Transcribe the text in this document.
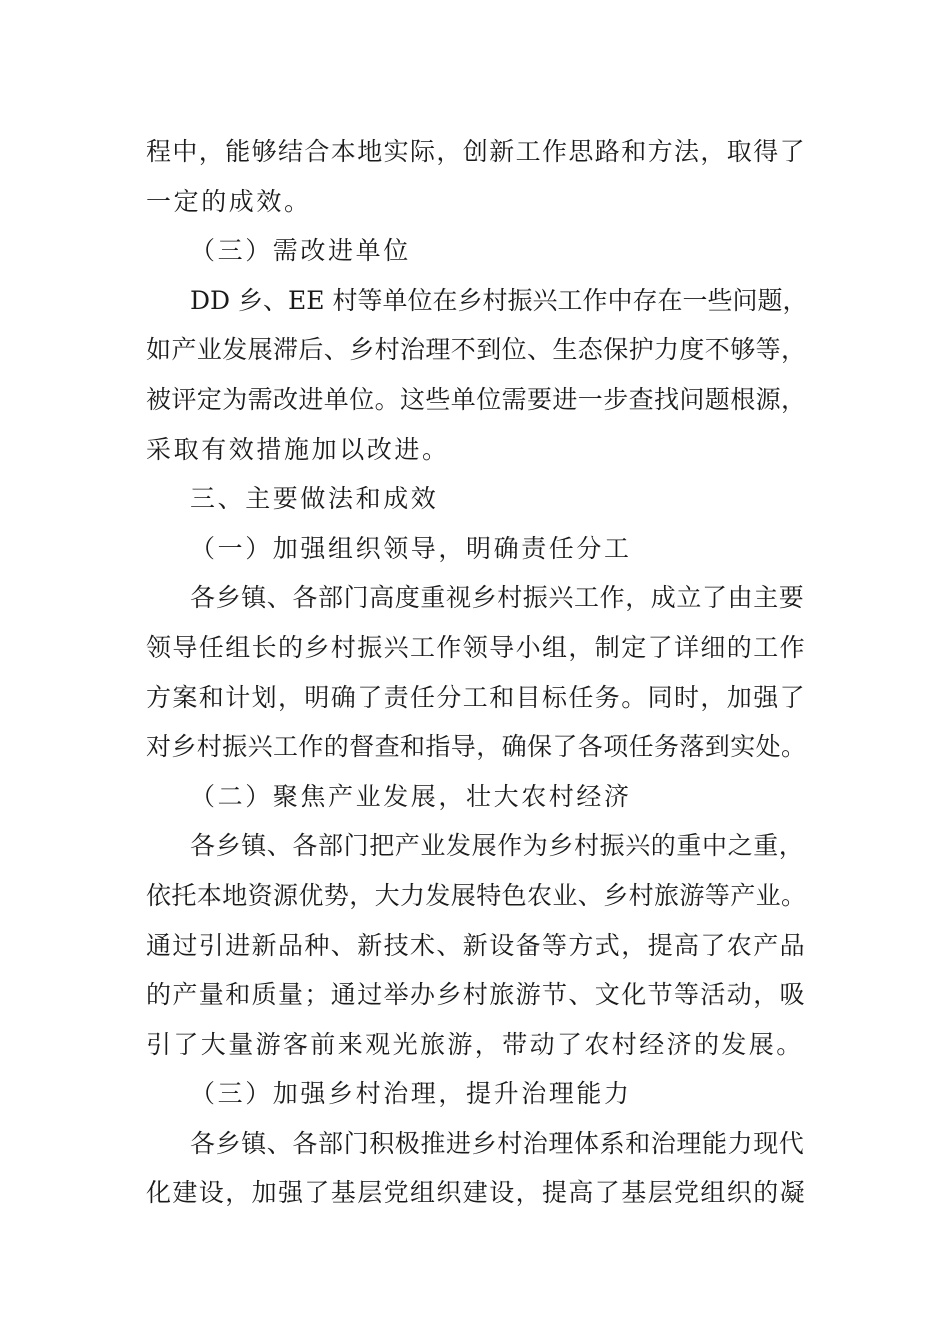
程中，能够结合本地实际，创新工作思路和方法，取得了
一定的成效。
（三）需改进单位
DD 乡、EE 村等单位在乡村振兴工作中存在一些问题，
如产业发展滞后、乡村治理不到位、生态保护力度不够等，
被评定为需改进单位。这些单位需要进一步查找问题根源，
采取有效措施加以改进。
三、主要做法和成效
（一）加强组织领导，明确责任分工
各乡镇、各部门高度重视乡村振兴工作，成立了由主要
领导任组长的乡村振兴工作领导小组，制定了详细的工作
方案和计划，明确了责任分工和目标任务。同时，加强了
对乡村振兴工作的督查和指导，确保了各项任务落到实处。
（二）聚焦产业发展，壮大农村经济
各乡镇、各部门把产业发展作为乡村振兴的重中之重，
依托本地资源优势，大力发展特色农业、乡村旅游等产业。
通过引进新品种、新技术、新设备等方式，提高了农产品
的产量和质量；通过举办乡村旅游节、文化节等活动，吸
引了大量游客前来观光旅游，带动了农村经济的发展。
（三）加强乡村治理，提升治理能力
各乡镇、各部门积极推进乡村治理体系和治理能力现代
化建设，加强了基层党组织建设，提高了基层党组织的凝
